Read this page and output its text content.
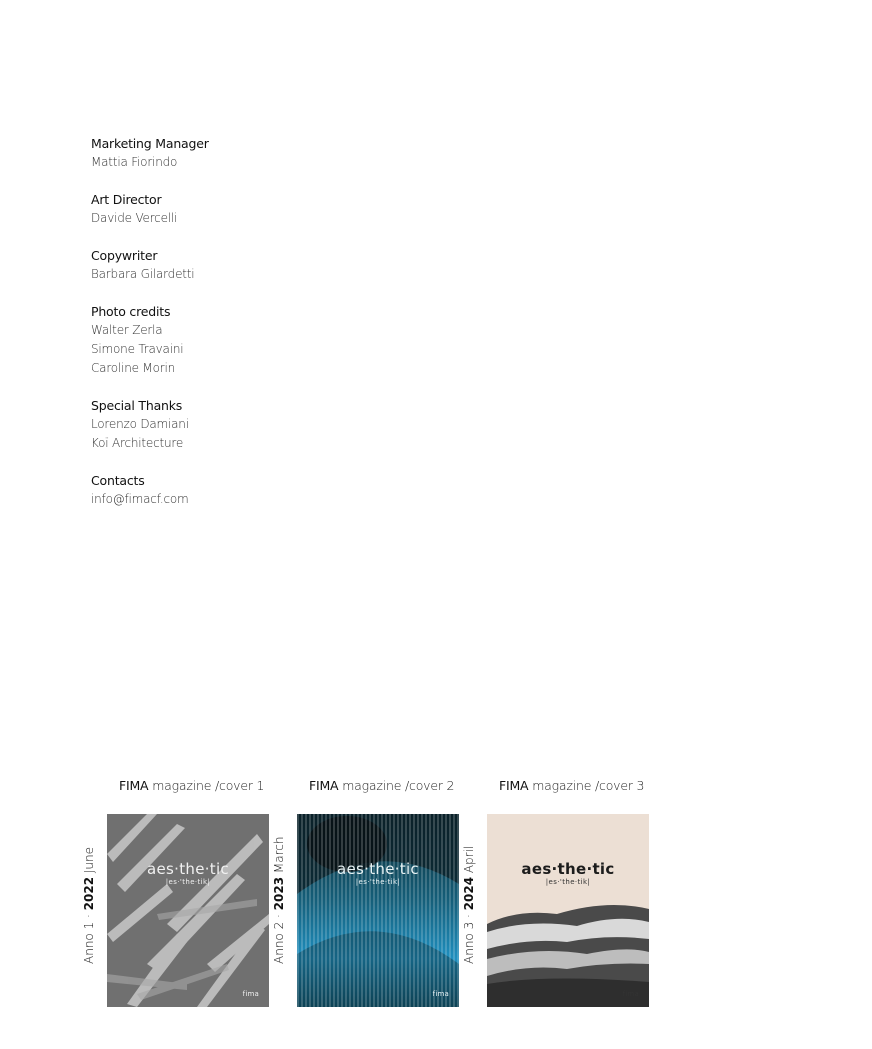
Marketing Manager
Mattia Fiorindo
Art Director
Davide Vercelli
Copywriter
Barbara Gilardetti
Photo credits
Walter Zerla
Simone Travaini
Caroline Morin
Special Thanks
Lorenzo Damiani
Koï Architecture
Contacts
info@fimacf.com
FIMA magazine /cover 1
Anno 1 · 2022 June	aes·the·tic
|es·'the·tik|
fima
FIMA magazine /cover 2
Anno 2 · 2023 March	aes·the·tic
|es·'the·tik|
fima
FIMA magazine /cover 3
Anno 3 · 2024 April	aes·the·tic
|es·'the·tik|
fima
